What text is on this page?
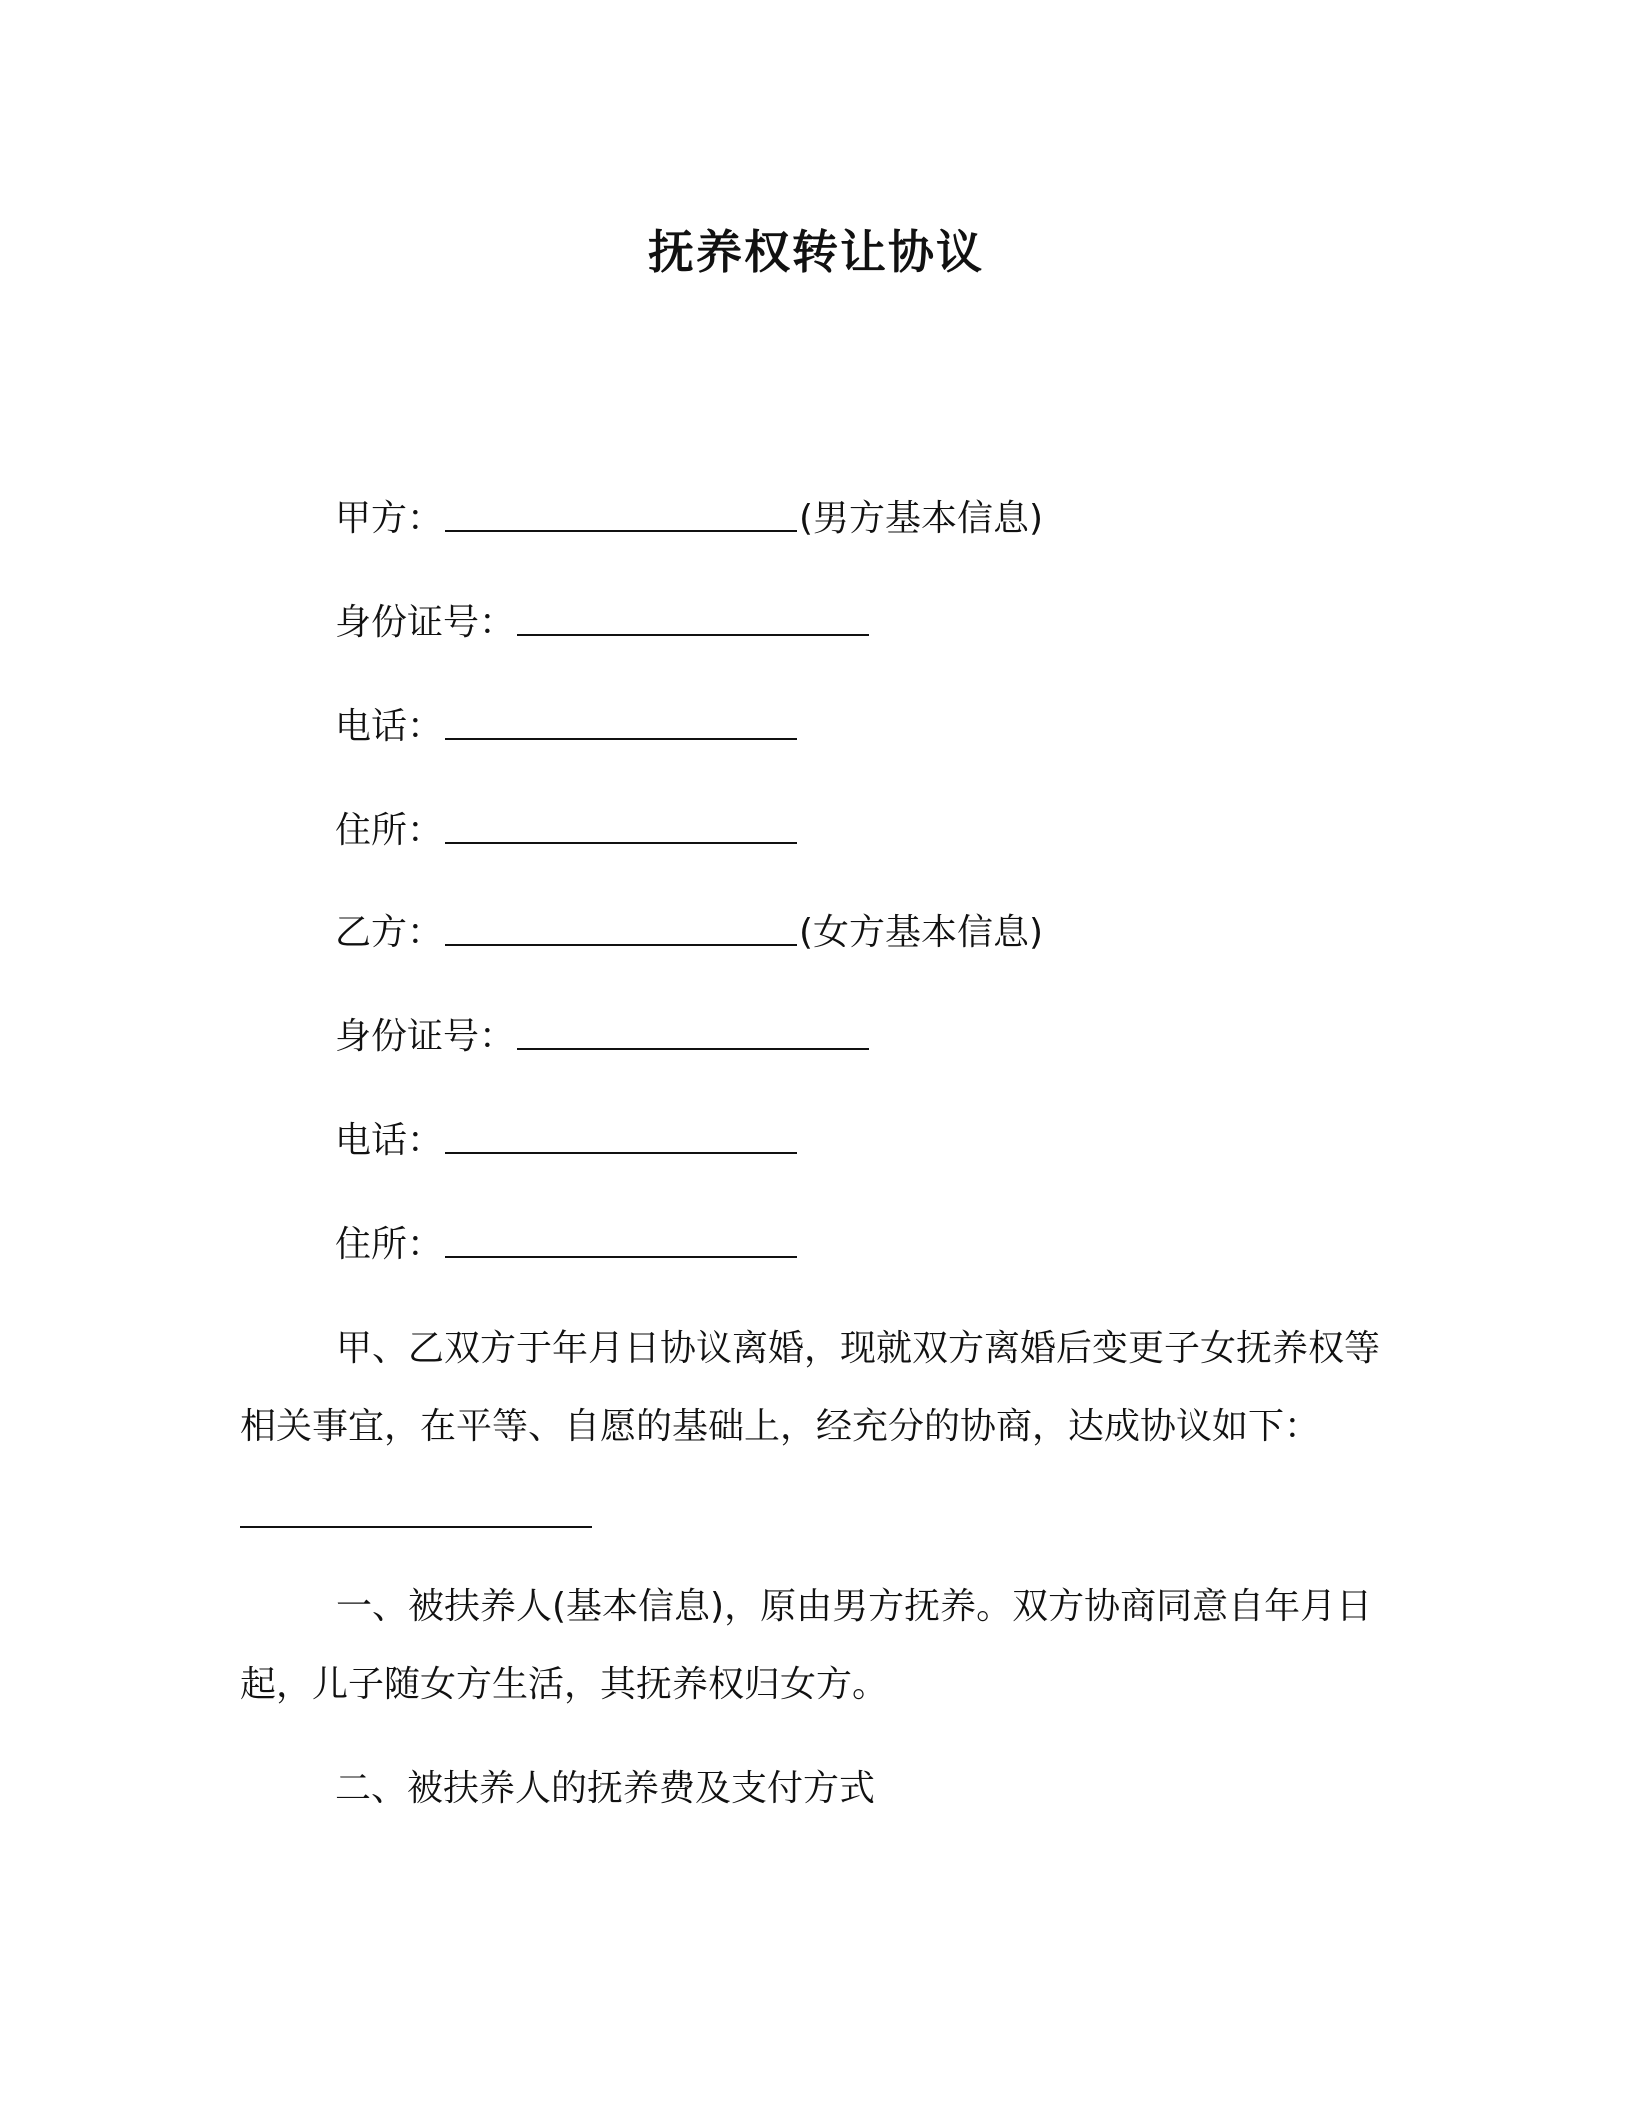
抚养权转让协议
甲方：	(男方基本信息)
身份证号：
电话：
住所：
乙方：	(女方基本信息)
身份证号：
电话：
住所：
甲、乙双方于年月日协议离婚，现就双方离婚后变更子女抚养权等相关事宜，在平等、自愿的基础上，经充分的协商，达成协议如下：
一、被扶养人(基本信息)，原由男方抚养。双方协商同意自年月日起，儿子随女方生活，其抚养权归女方。
二、被扶养人的抚养费及支付方式
